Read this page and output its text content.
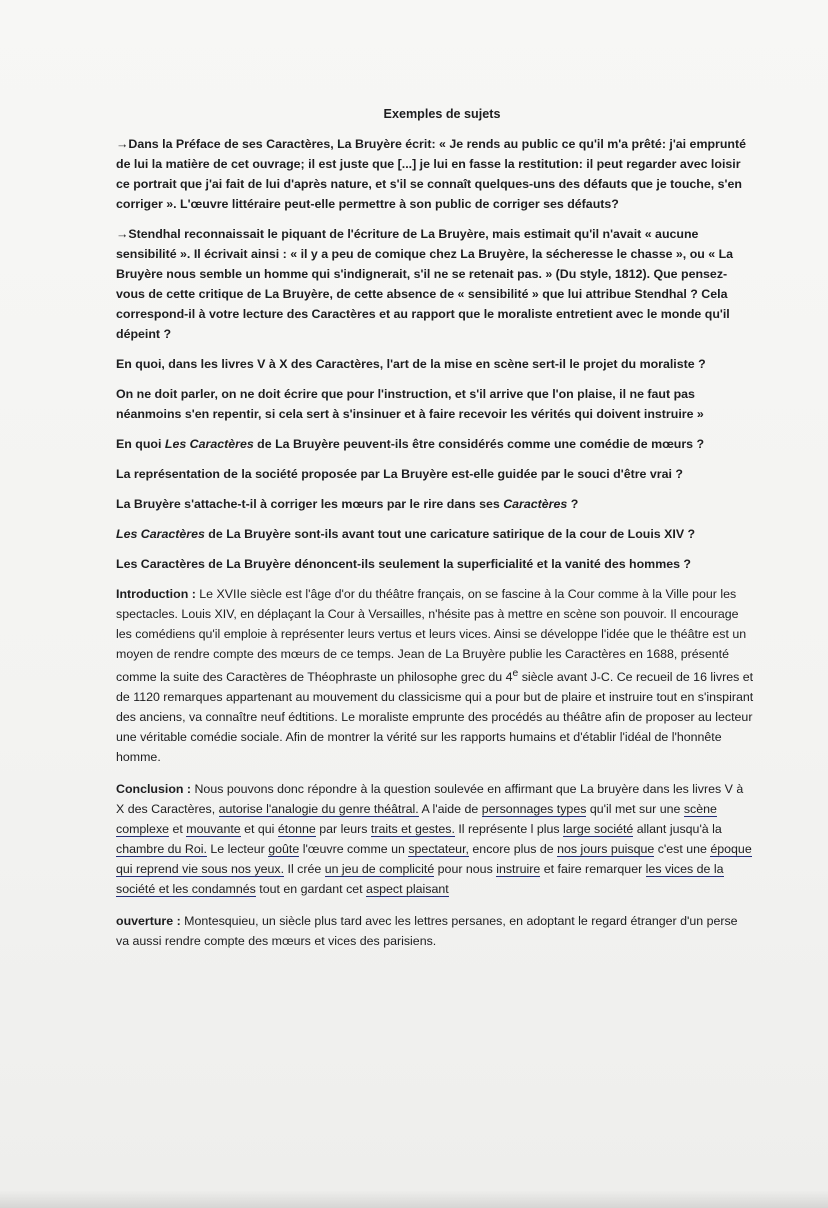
Exemples de sujets
→Dans la Préface de ses Caractères, La Bruyère écrit: « Je rends au public ce qu'il m'a prêté: j'ai emprunté de lui la matière de cet ouvrage; il est juste que [...] je lui en fasse la restitution: il peut regarder avec loisir ce portrait que j'ai fait de lui d'après nature, et s'il se connaît quelques-uns des défauts que je touche, s'en corriger ». L'œuvre littéraire peut-elle permettre à son public de corriger ses défauts?
→Stendhal reconnaissait le piquant de l'écriture de La Bruyère, mais estimait qu'il n'avait « aucune sensibilité ». Il écrivait ainsi : « il y a peu de comique chez La Bruyère, la sécheresse le chasse », ou « La Bruyère nous semble un homme qui s'indignerait, s'il ne se retenait pas. » (Du style, 1812). Que pensez-vous de cette critique de La Bruyère, de cette absence de « sensibilité » que lui attribue Stendhal ? Cela correspond-il à votre lecture des Caractères et au rapport que le moraliste entretient avec le monde qu'il dépeint ?
En quoi, dans les livres V à X des Caractères, l'art de la mise en scène sert-il le projet du moraliste ?
On ne doit parler, on ne doit écrire que pour l'instruction, et s'il arrive que l'on plaise, il ne faut pas néanmoins s'en repentir, si cela sert à s'insinuer et à faire recevoir les vérités qui doivent instruire »
En quoi Les Caractères de La Bruyère peuvent-ils être considérés comme une comédie de mœurs ?
La représentation de la société proposée par La Bruyère est-elle guidée par le souci d'être vrai ?
La Bruyère s'attache-t-il à corriger les mœurs par le rire dans ses Caractères ?
Les Caractères de La Bruyère sont-ils avant tout une caricature satirique de la cour de Louis XIV ?
Les Caractères de La Bruyère dénoncent-ils seulement la superficialité et la vanité des hommes ?
Introduction : Le XVIIe siècle est l'âge d'or du théâtre français, on se fascine à la Cour comme à la Ville pour les spectacles. Louis XIV, en déplaçant la Cour à Versailles, n'hésite pas à mettre en scène son pouvoir. Il encourage les comédiens qu'il emploie à représenter leurs vertus et leurs vices. Ainsi se développe l'idée que le théâtre est un moyen de rendre compte des mœurs de ce temps. Jean de La Bruyère publie les Caractères en 1688, présenté comme la suite des Caractères de Théophraste un philosophe grec du 4e siècle avant J-C. Ce recueil de 16 livres et de 1120 remarques appartenant au mouvement du classicisme qui a pour but de plaire et instruire tout en s'inspirant des anciens, va connaître neuf édtitions. Le moraliste emprunte des procédés au théâtre afin de proposer au lecteur une véritable comédie sociale. Afin de montrer la vérité sur les rapports humains et d'établir l'idéal de l'honnête homme.
Conclusion : Nous pouvons donc répondre à la question soulevée en affirmant que La bruyère dans les livres V à X des Caractères, autorise l'analogie du genre théâtral. A l'aide de personnages types qu'il met sur une scène complexe et mouvante et qui étonne par leurs traits et gestes. Il représente l plus large société allant jusqu'à la chambre du Roi. Le lecteur goûte l'œuvre comme un spectateur, encore plus de nos jours puisque c'est une époque qui reprend vie sous nos yeux. Il crée un jeu de complicité pour nous instruire et faire remarquer les vices de la société et les condamnés tout en gardant cet aspect plaisant
ouverture : Montesquieu, un siècle plus tard avec les lettres persanes, en adoptant le regard étranger d'un perse va aussi rendre compte des mœurs et vices des parisiens.
